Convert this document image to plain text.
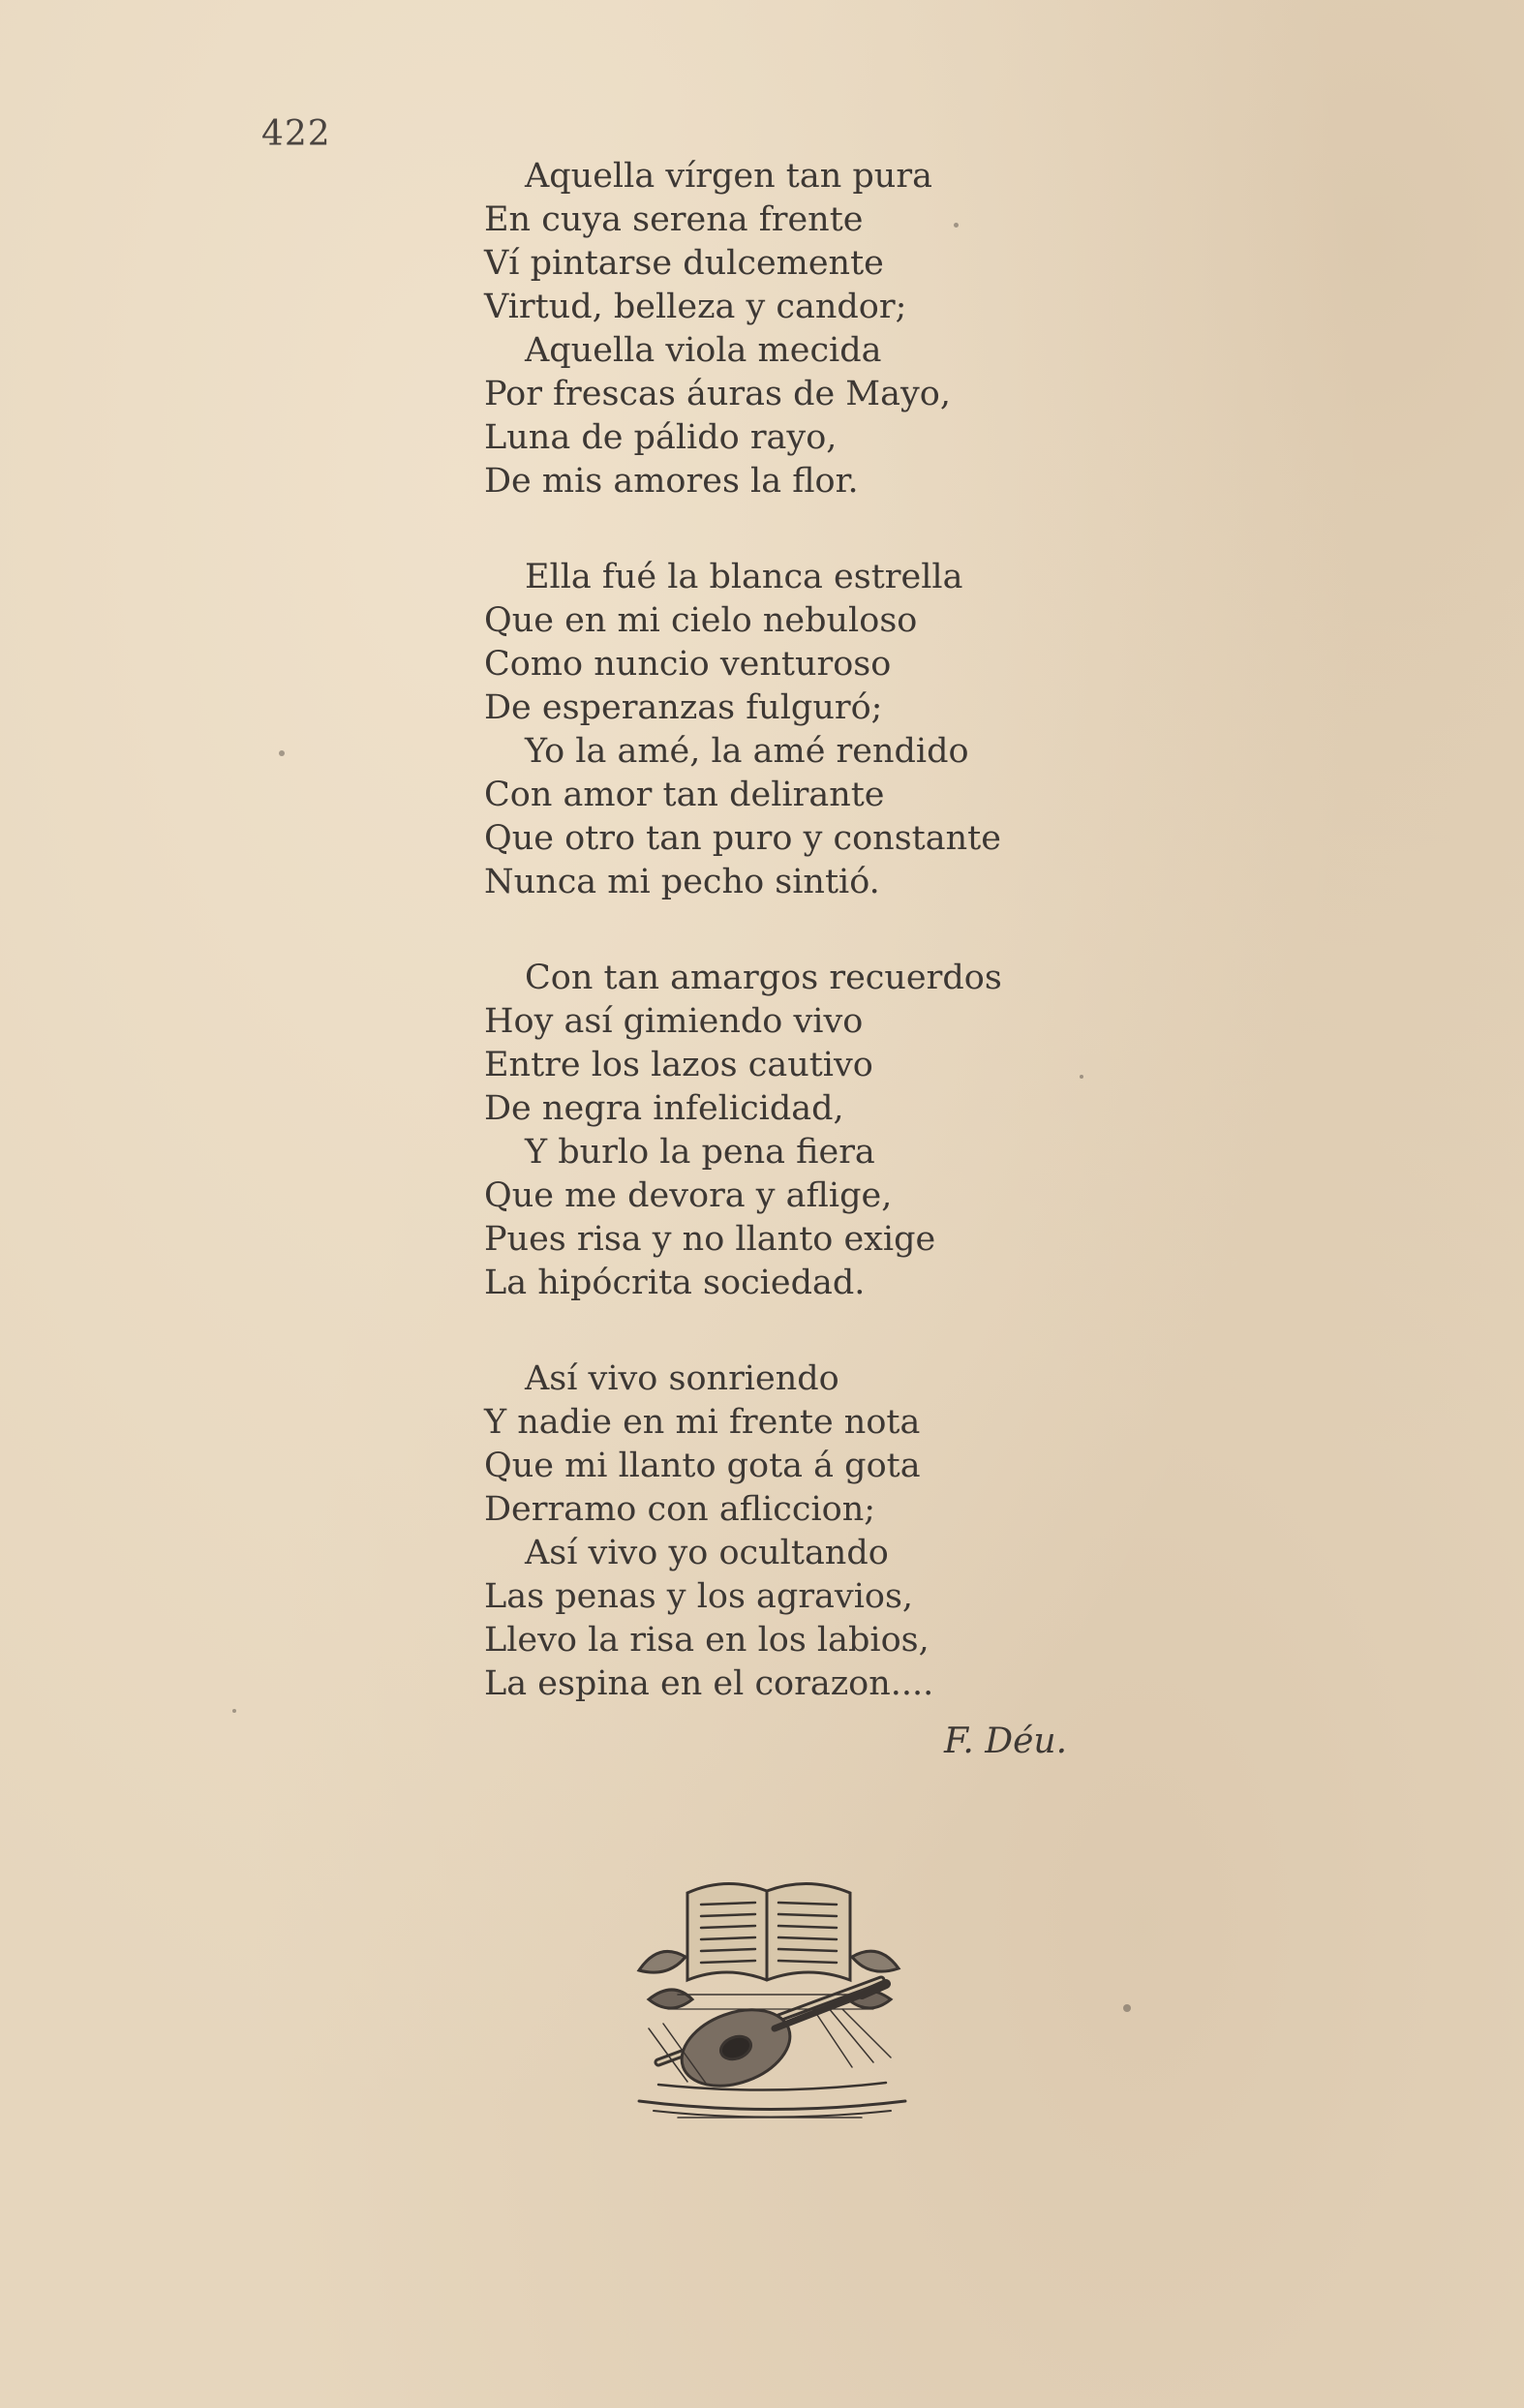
422
Aquella vírgen tan pura
En cuya serena frente
Ví pintarse dulcemente
Virtud, belleza y candor;
Aquella viola mecida
Por frescas áuras de Mayo,
Luna de pálido rayo,
De mis amores la flor.
Ella fué la blanca estrella
Que en mi cielo nebuloso
Como nuncio venturoso
De esperanzas fulguró;
Yo la amé, la amé rendido
Con amor tan delirante
Que otro tan puro y constante
Nunca mi pecho sintió.
Con tan amargos recuerdos
Hoy así gimiendo vivo
Entre los lazos cautivo
De negra infelicidad,
Y burlo la pena fiera
Que me devora y aflige,
Pues risa y no llanto exige
La hipócrita sociedad.
Así vivo sonriendo
Y nadie en mi frente nota
Que mi llanto gota á gota
Derramo con afliccion;
Así vivo yo ocultando
Las penas y los agravios,
Llevo la risa en los labios,
La espina en el corazon....
F. Déu.
